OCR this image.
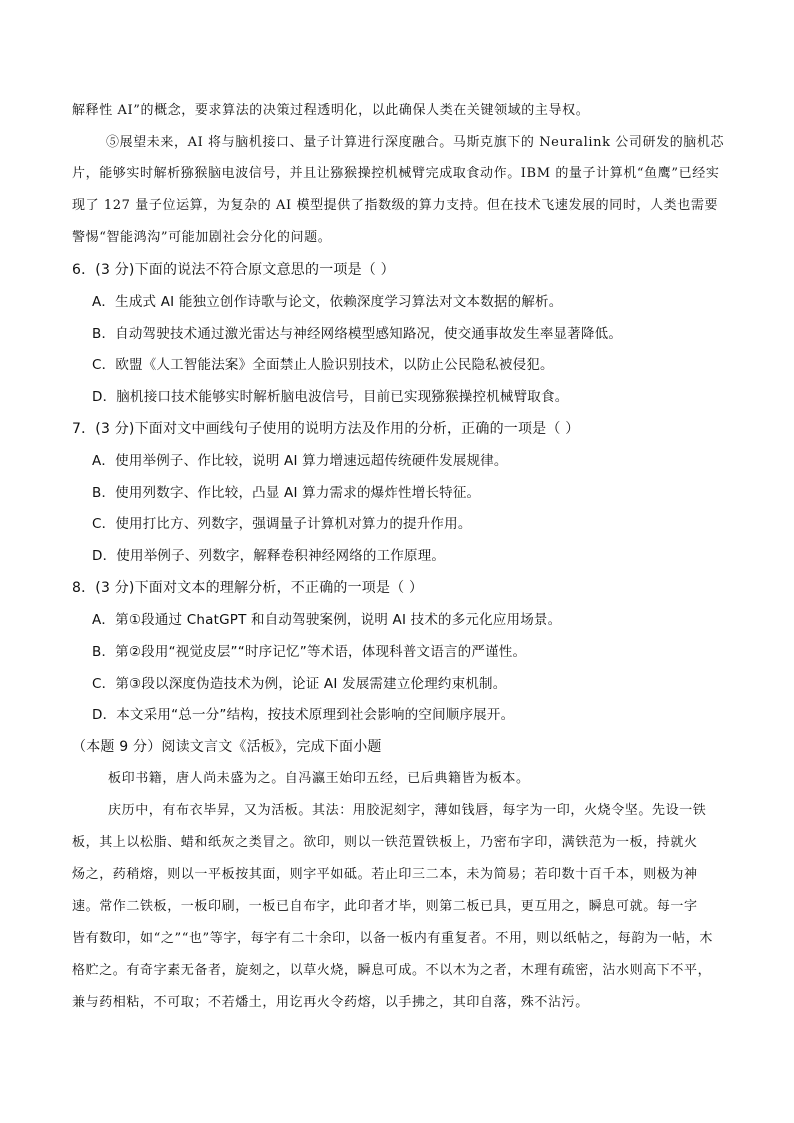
解释性 AI”的概念，要求算法的决策过程透明化，以此确保人类在关键领域的主导权。
⑤展望未来，AI 将与脑机接口、量子计算进行深度融合。马斯克旗下的 Neuralink 公司研发的脑机芯
片，能够实时解析猕猴脑电波信号，并且让猕猴操控机械臂完成取食动作。IBM 的量子计算机“鱼鹰”已经实
现了 127 量子位运算，为复杂的 AI 模型提供了指数级的算力支持。但在技术飞速发展的同时，人类也需要
警惕“智能鸿沟”可能加剧社会分化的问题。
6．(3 分)下面的说法不符合原文意思的一项是（ ）
A．生成式 AI 能独立创作诗歌与论文，依赖深度学习算法对文本数据的解析。
B．自动驾驶技术通过激光雷达与神经网络模型感知路况，使交通事故发生率显著降低。
C．欧盟《人工智能法案》全面禁止人脸识别技术，以防止公民隐私被侵犯。
D．脑机接口技术能够实时解析脑电波信号，目前已实现猕猴操控机械臂取食。
7．(3 分)下面对文中画线句子使用的说明方法及作用的分析，正确的一项是（ ）
A．使用举例子、作比较，说明 AI 算力增速远超传统硬件发展规律。
B．使用列数字、作比较，凸显 AI 算力需求的爆炸性增长特征。
C．使用打比方、列数字，强调量子计算机对算力的提升作用。
D．使用举例子、列数字，解释卷积神经网络的工作原理。
8．(3 分)下面对文本的理解分析，不正确的一项是（ ）
A．第①段通过 ChatGPT 和自动驾驶案例，说明 AI 技术的多元化应用场景。
B．第②段用“视觉皮层”“时序记忆”等术语，体现科普文语言的严谨性。
C．第③段以深度伪造技术为例，论证 AI 发展需建立伦理约束机制。
D．本文采用“总一分”结构，按技术原理到社会影响的空间顺序展开。
（本题 9 分）阅读文言文《活板》，完成下面小题
板印书籍，唐人尚未盛为之。自冯瀛王始印五经，已后典籍皆为板本。
庆历中，有布衣毕昇，又为活板。其法：用胶泥刻字，薄如钱唇，每字为一印，火烧令坚。先设一铁
板，其上以松脂、蜡和纸灰之类冒之。欲印，则以一铁范置铁板上，乃密布字印，满铁范为一板，持就火
炀之，药稍熔，则以一平板按其面，则字平如砥。若止印三二本，未为简易；若印数十百千本，则极为神
速。常作二铁板，一板印刷，一板已自布字，此印者才毕，则第二板已具，更互用之，瞬息可就。每一字
皆有数印，如“之”“也”等字，每字有二十余印，以备一板内有重复者。不用，则以纸帖之，每韵为一帖，木
格贮之。有奇字素无备者，旋刻之，以草火烧，瞬息可成。不以木为之者，木理有疏密，沾水则高下不平，
兼与药相粘，不可取；不若燔土，用讫再火令药熔，以手拂之，其印自落，殊不沾污。
